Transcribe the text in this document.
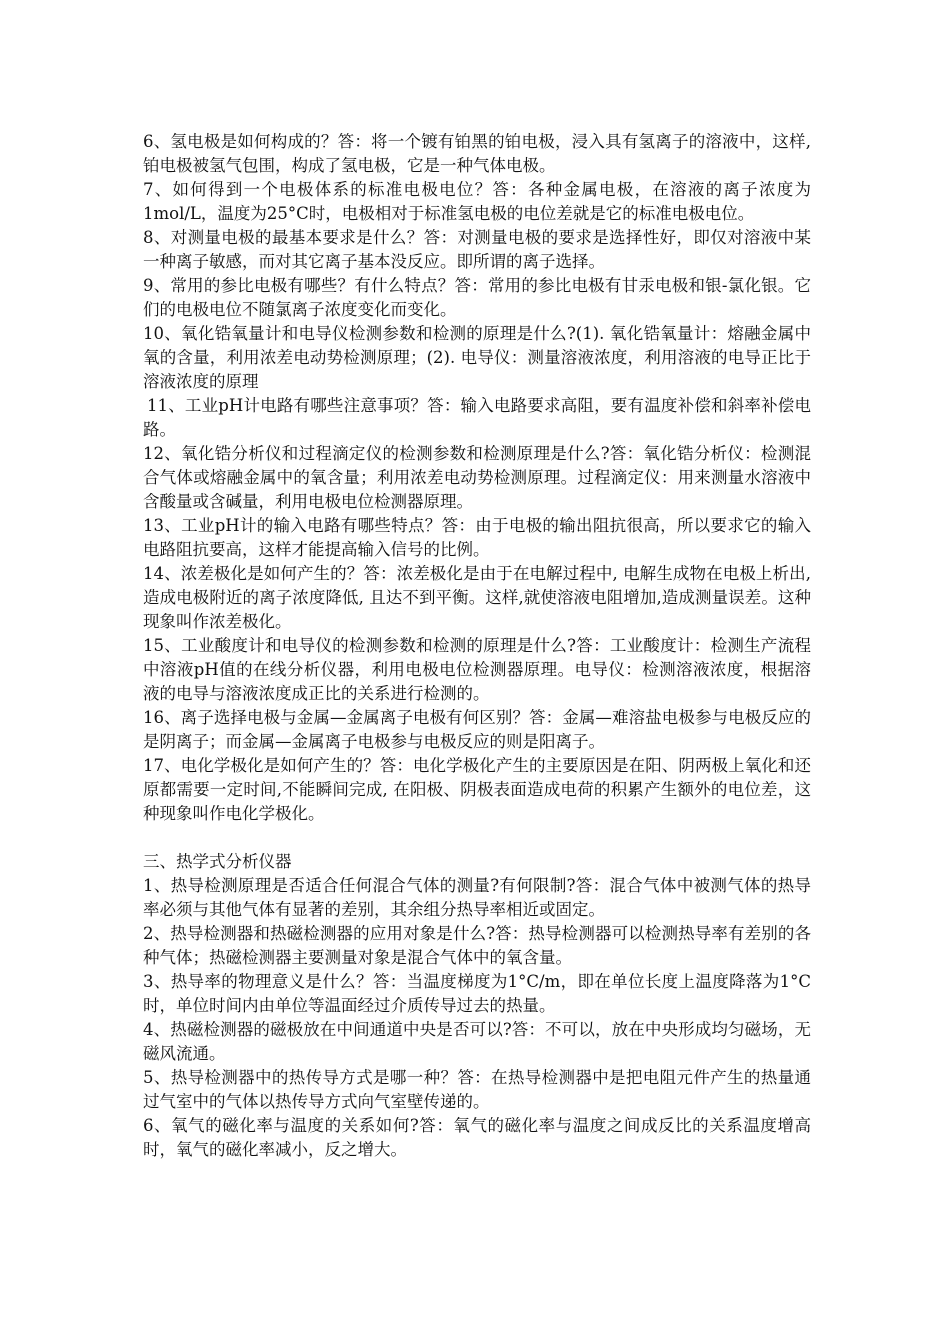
6、氢电极是如何构成的？答：将一个镀有铂黑的铂电极，浸入具有氢离子的溶液中，这样,铂电极被氢气包围，构成了氢电极，它是一种气体电极。

7、如何得到一个电极体系的标准电极电位？答：各种金属电极，在溶液的离子浓度为1mol/L，温度为25°C时，电极相对于标准氢电极的电位差就是它的标准电极电位。

8、对测量电极的最基本要求是什么？答：对测量电极的要求是选择性好，即仅对溶液中某一种离子敏感，而对其它离子基本没反应。即所谓的离子选择。

9、常用的参比电极有哪些？有什么特点？答：常用的参比电极有甘汞电极和银-氯化银。它们的电极电位不随氯离子浓度变化而变化。

10、氧化锆氧量计和电导仪检测参数和检测的原理是什么?(1). 氧化锆氧量计：熔融金属中氧的含量，利用浓差电动势检测原理；(2). 电导仪：测量溶液浓度，利用溶液的电导正比于溶液浓度的原理

11、工业pH计电路有哪些注意事项？答：输入电路要求高阻，要有温度补偿和斜率补偿电路。

12、氧化锆分析仪和过程滴定仪的检测参数和检测原理是什么?答：氧化锆分析仪：检测混合气体或熔融金属中的氧含量；利用浓差电动势检测原理。过程滴定仪：用来测量水溶液中含酸量或含碱量，利用电极电位检测器原理。

13、工业pH计的输入电路有哪些特点？答：由于电极的输出阻抗很高，所以要求它的输入电路阻抗要高，这样才能提高输入信号的比例。

14、浓差极化是如何产生的？答：浓差极化是由于在电解过程中, 电解生成物在电极上析出, 造成电极附近的离子浓度降低, 且达不到平衡。这样,就使溶液电阻增加,造成测量误差。这种现象叫作浓差极化。

15、工业酸度计和电导仪的检测参数和检测的原理是什么?答：工业酸度计：检测生产流程中溶液pH值的在线分析仪器，利用电极电位检测器原理。电导仪：检测溶液浓度，根据溶液的电导与溶液浓度成正比的关系进行检测的。

16、离子选择电极与金属—金属离子电极有何区别？答：金属—难溶盐电极参与电极反应的是阴离子；而金属—金属离子电极参与电极反应的则是阳离子。

17、电化学极化是如何产生的？答：电化学极化产生的主要原因是在阳、阴两极上氧化和还原都需要一定时间,不能瞬间完成, 在阳极、阴极表面造成电荷的积累产生额外的电位差，这种现象叫作电化学极化。

三、热学式分析仪器

1、热导检测原理是否适合任何混合气体的测量?有何限制?答：混合气体中被测气体的热导率必须与其他气体有显著的差别，其余组分热导率相近或固定。

2、热导检测器和热磁检测器的应用对象是什么?答：热导检测器可以检测热导率有差别的各种气体；热磁检测器主要测量对象是混合气体中的氧含量。

3、热导率的物理意义是什么？答：当温度梯度为1°C/m，即在单位长度上温度降落为1°C时，单位时间内由单位等温面经过介质传导过去的热量。

4、热磁检测器的磁极放在中间通道中央是否可以?答：不可以，放在中央形成均匀磁场，无磁风流通。

5、热导检测器中的热传导方式是哪一种？答：在热导检测器中是把电阻元件产生的热量通过气室中的气体以热传导方式向气室壁传递的。

6、氧气的磁化率与温度的关系如何?答：氧气的磁化率与温度之间成反比的关系温度增高时，氧气的磁化率减小，反之增大。
